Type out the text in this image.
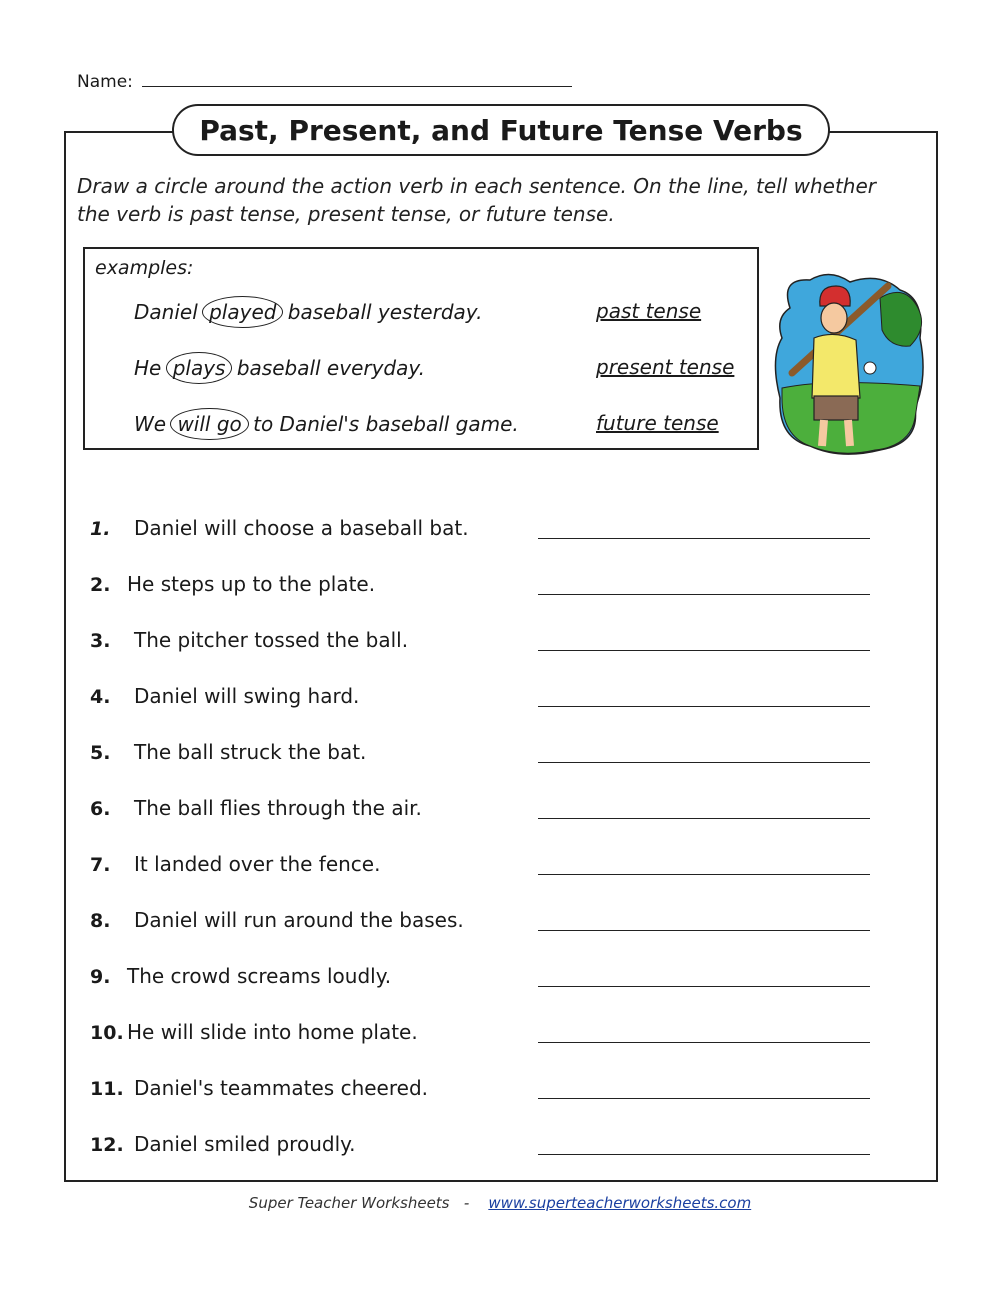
Name:
Past, Present, and Future Tense Verbs
Draw a circle around the action verb in each sentence. On the line, tell whether the verb is past tense, present tense, or future tense.
examples:
Daniel played baseball yesterday.	past tense
He plays baseball everyday.	present tense
We will go to Daniel's baseball game.	future tense
1. Daniel will choose a baseball bat.
2. He steps up to the plate.
3. The pitcher tossed the ball.
4. Daniel will swing hard.
5. The ball struck the bat.
6. The ball flies through the air.
7. It landed over the fence.
8. Daniel will run around the bases.
9. The crowd screams loudly.
10. He will slide into home plate.
11. Daniel's teammates cheered.
12. Daniel smiled proudly.
Super Teacher Worksheets - www.superteacherworksheets.com
